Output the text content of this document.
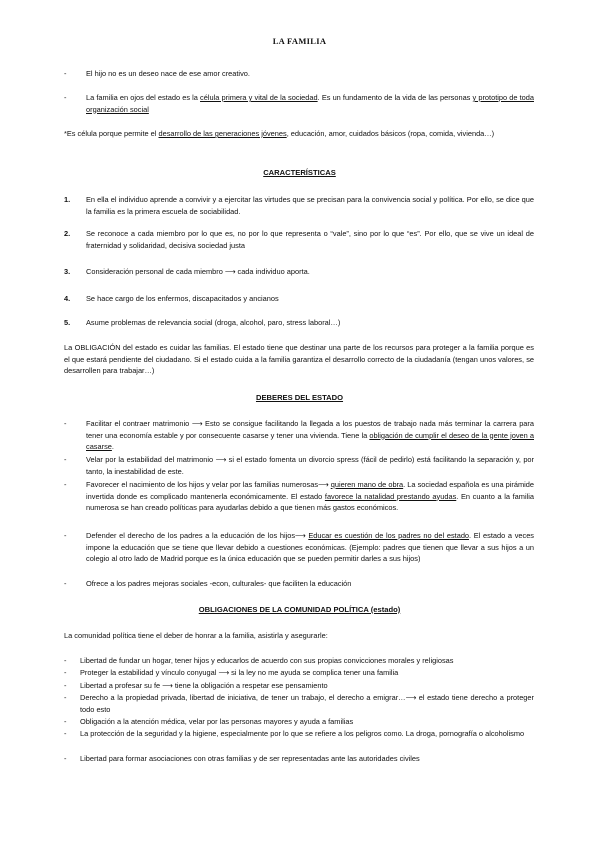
LA FAMILIA
-	El hijo no es un deseo nace de ese amor creativo.
-	La familia en ojos del estado es la célula primera y vital de la sociedad. Es un fundamento de la vida de las personas y prototipo de toda organización social
*Es célula porque permite el desarrollo de las generaciones jóvenes, educación, amor, cuidados básicos (ropa, comida, vivienda…)
CARACTERÍSTICAS
1. En ella el individuo aprende a convivir y a ejercitar las virtudes que se precisan para la convivencia social y política. Por ello, se dice que la familia es la primera escuela de sociabilidad.
2. Se reconoce a cada miembro por lo que es, no por lo que representa o “vale”, sino por lo que “es”. Por ello, que se vive un ideal de fraternidad y solidaridad, decisiva sociedad justa
3. Consideración personal de cada miembro ⟶ cada individuo aporta.
4. Se hace cargo de los enfermos, discapacitados y ancianos
5. Asume problemas de relevancia social (droga, alcohol, paro, stress laboral…)
La OBLIGACIÓN del estado es cuidar las familias. El estado tiene que destinar una parte de los recursos para proteger a la familia porque es el que estará pendiente del ciudadano. Si el estado cuida a la familia garantiza el desarrollo correcto de la ciudadanía (tengan unos valores, se desarrollen para trabajar…)
DEBERES DEL ESTADO
-	Facilitar el contraer matrimonio ⟶ Esto se consigue facilitando la llegada a los puestos de trabajo nada más terminar la carrera para tener una economía estable y por consecuente casarse y tener una vivienda. Tiene la obligación de cumplir el deseo de la gente joven a casarse.
-	Velar por la estabilidad del matrimonio ⟶ si el estado fomenta un divorcio spress (fácil de pedirlo) está facilitando la separación y, por tanto, la inestabilidad de este.
-	Favorecer el nacimiento de los hijos y velar por las familias numerosas⟶ quieren mano de obra. La sociedad española es una pirámide invertida donde es complicado mantenerla económicamente. El estado favorece la natalidad prestando ayudas. En cuanto a la familia numerosa se han creado políticas para ayudarlas debido a que tienen más gastos económicos.
-	Defender el derecho de los padres a la educación de los hijos⟶ Educar es cuestión de los padres no del estado. El estado a veces impone la educación que se tiene que llevar debido a cuestiones económicas. (Ejemplo: padres que tienen que llevar a sus hijos a un colegio al otro lado de Madrid porque es la única educación que se pueden permitir darles a sus hijos)
-	Ofrece a los padres mejoras sociales -econ, culturales- que faciliten la educación
OBLIGACIONES DE LA COMUNIDAD POLÍTICA (estado)
La comunidad política tiene el deber de honrar a la familia, asistirla y asegurarle:
- Libertad de fundar un hogar, tener hijos y educarlos de acuerdo con sus propias convicciones morales y religiosas
- Proteger la estabilidad y vínculo conyugal ⟶ si la ley no me ayuda se complica tener una familia
- Libertad a profesar su fe ⟶ tiene la obligación a respetar ese pensamiento
- Derecho a la propiedad privada, libertad de iniciativa, de tener un trabajo, el derecho a emigrar…⟶ el estado tiene derecho a proteger todo esto
- Obligación a la atención médica, velar por las personas mayores y ayuda a familias
- La protección de la seguridad y la higiene, especialmente por lo que se refiere a los peligros como. La droga, pornografía o alcoholismo
- Libertad para formar asociaciones con otras familias y de ser representadas ante las autoridades civiles
